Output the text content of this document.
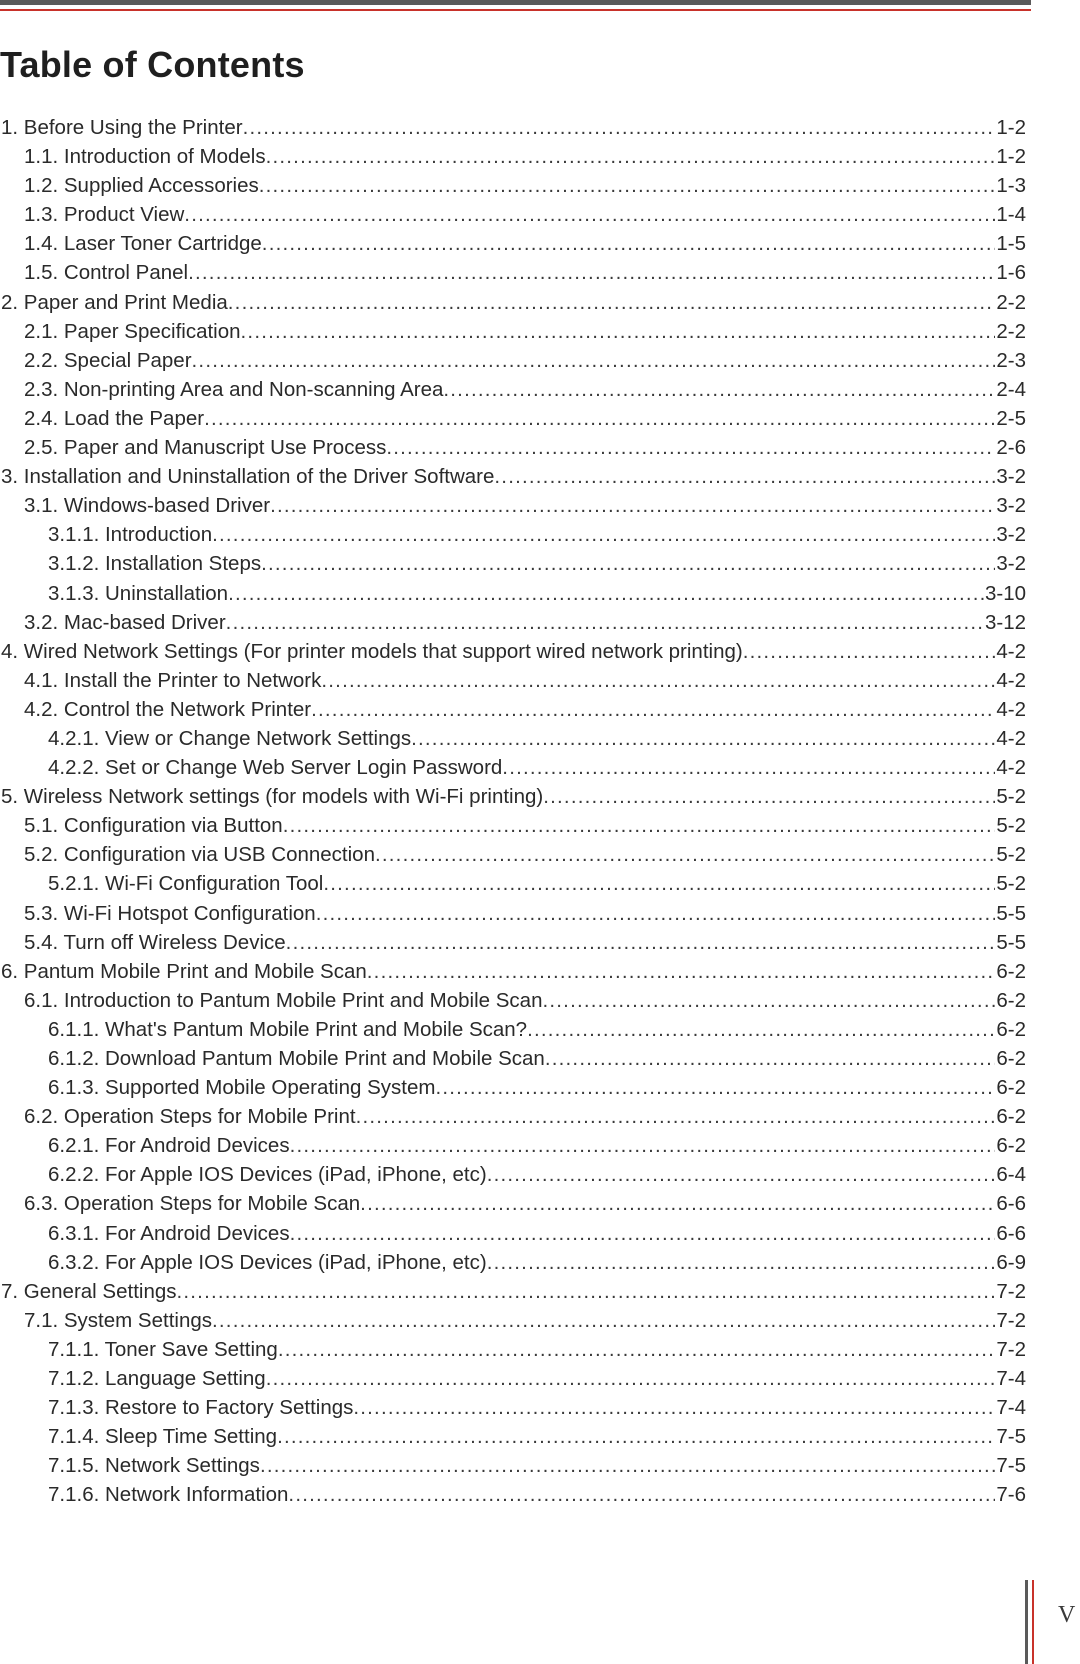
Table of Contents
1. Before Using the Printer .....	1-2
1.1. Introduction of Models .....	1-2
1.2. Supplied Accessories .....	1-3
1.3. Product View .....	1-4
1.4. Laser Toner Cartridge .....	1-5
1.5. Control Panel .....	1-6
2. Paper and Print Media .....	2-2
2.1. Paper Specification .....	2-2
2.2. Special Paper .....	2-3
2.3. Non-printing Area and Non-scanning Area .....	2-4
2.4. Load the Paper .....	2-5
2.5. Paper and Manuscript Use Process .....	2-6
3. Installation and Uninstallation of the Driver Software .....	3-2
3.1. Windows-based Driver .....	3-2
3.1.1. Introduction .....	3-2
3.1.2. Installation Steps .....	3-2
3.1.3. Uninstallation .....	3-10
3.2. Mac-based Driver .....	3-12
4. Wired Network Settings (For printer models that support wired network printing) .....	4-2
4.1. Install the Printer to Network .....	4-2
4.2. Control the Network Printer .....	4-2
4.2.1. View or Change Network Settings .....	4-2
4.2.2. Set or Change Web Server Login Password .....	4-2
5. Wireless Network settings (for models with Wi-Fi printing) .....	5-2
5.1. Configuration via Button .....	5-2
5.2. Configuration via USB Connection .....	5-2
5.2.1. Wi-Fi Configuration Tool .....	5-2
5.3. Wi-Fi Hotspot Configuration .....	5-5
5.4. Turn off Wireless Device .....	5-5
6. Pantum Mobile Print and Mobile Scan .....	6-2
6.1. Introduction to Pantum Mobile Print and Mobile Scan .....	6-2
6.1.1. What's Pantum Mobile Print and Mobile Scan? .....	6-2
6.1.2. Download Pantum Mobile Print and Mobile Scan .....	6-2
6.1.3. Supported Mobile Operating System .....	6-2
6.2. Operation Steps for Mobile Print .....	6-2
6.2.1. For Android Devices .....	6-2
6.2.2. For Apple IOS Devices (iPad, iPhone, etc) .....	6-4
6.3. Operation Steps for Mobile Scan .....	6-6
6.3.1. For Android Devices .....	6-6
6.3.2. For Apple IOS Devices (iPad, iPhone, etc) .....	6-9
7. General Settings .....	7-2
7.1. System Settings .....	7-2
7.1.1. Toner Save Setting .....	7-2
7.1.2. Language Setting .....	7-4
7.1.3. Restore to Factory Settings .....	7-4
7.1.4. Sleep Time Setting .....	7-5
7.1.5. Network Settings .....	7-5
7.1.6. Network Information .....	7-6
V
